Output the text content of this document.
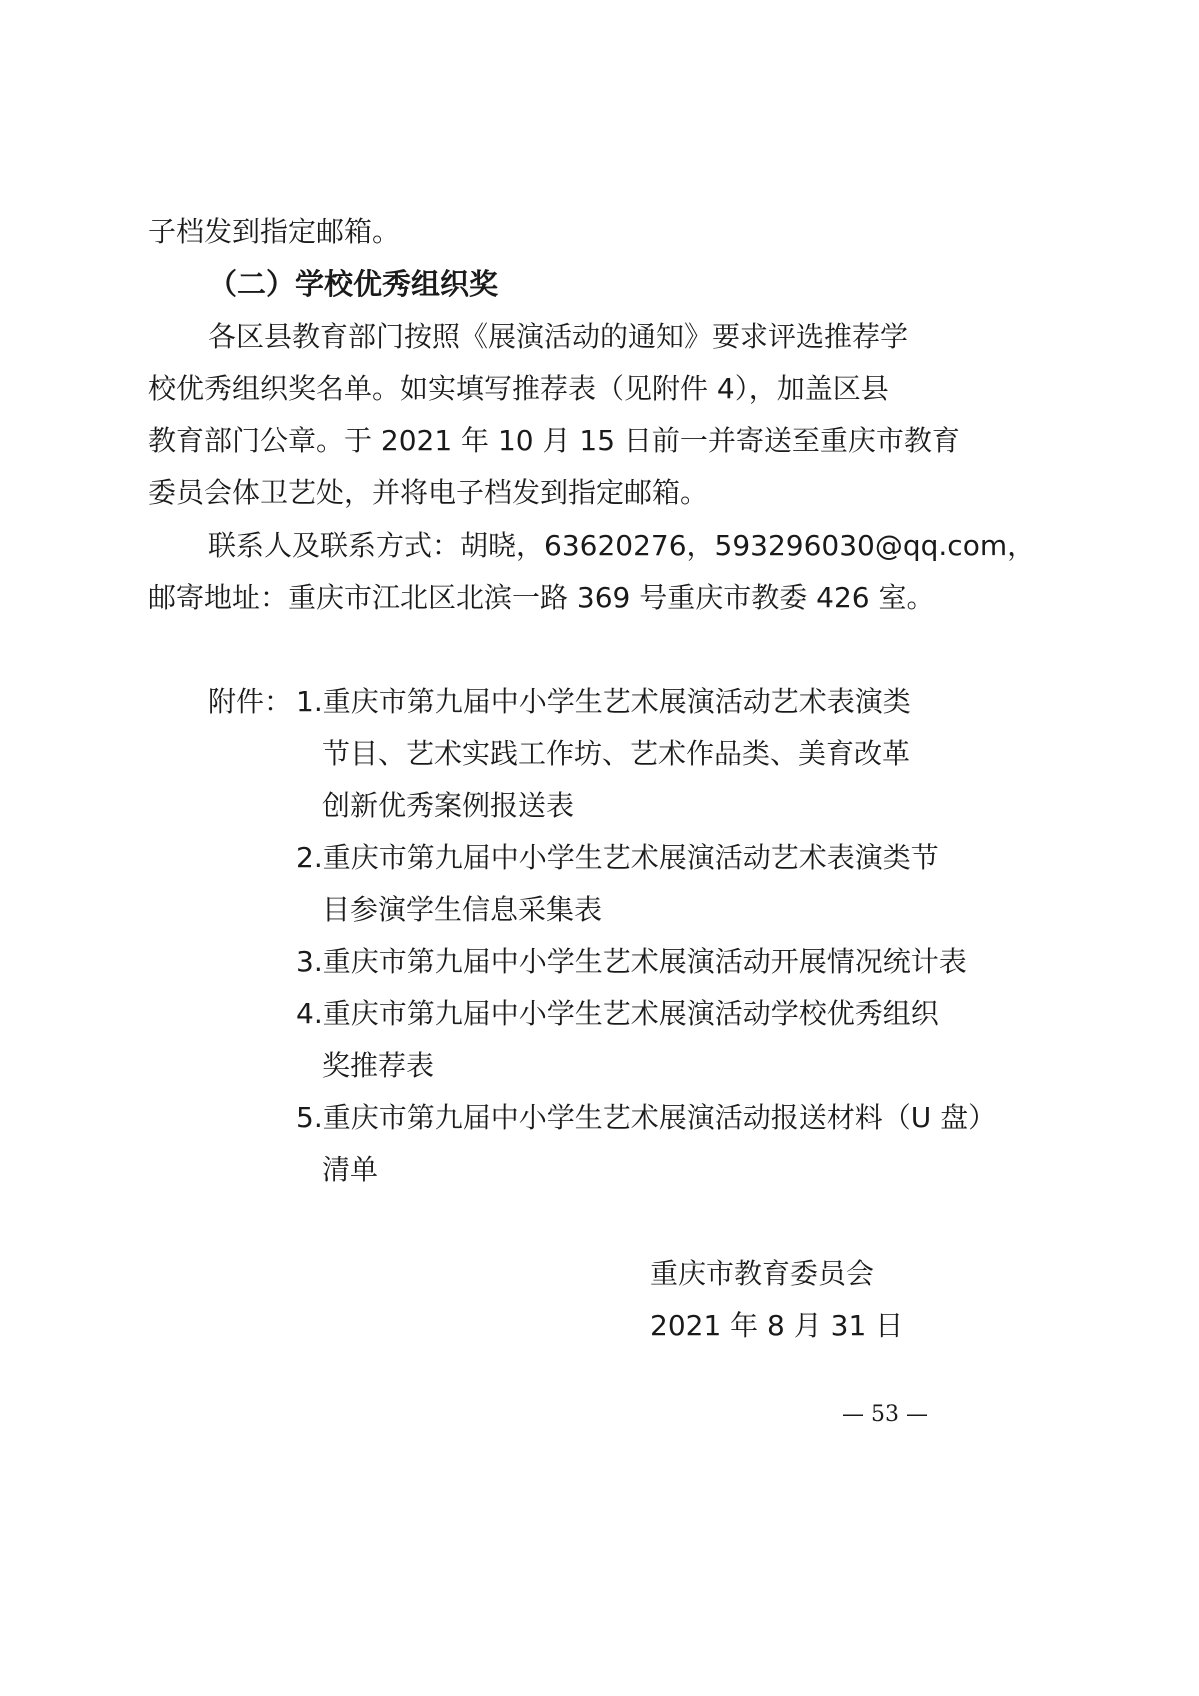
子档发到指定邮箱。
（二）学校优秀组织奖
各区县教育部门按照《展演活动的通知》要求评选推荐学
校优秀组织奖名单。如实填写推荐表（见附件 4），加盖区县
教育部门公章。于 2021 年 10 月 15 日前一并寄送至重庆市教育
委员会体卫艺处，并将电子档发到指定邮箱。
联系人及联系方式：胡晓，63620276，593296030@qq.com，
邮寄地址：重庆市江北区北滨一路 369 号重庆市教委 426 室。
附件： 1.重庆市第九届中小学生艺术展演活动艺术表演类
节目、艺术实践工作坊、艺术作品类、美育改革
创新优秀案例报送表
2.重庆市第九届中小学生艺术展演活动艺术表演类节
目参演学生信息采集表
3.重庆市第九届中小学生艺术展演活动开展情况统计表
4.重庆市第九届中小学生艺术展演活动学校优秀组织
奖推荐表
5.重庆市第九届中小学生艺术展演活动报送材料（U 盘）
清单
重庆市教育委员会
2021 年 8 月 31 日
— 53 —
